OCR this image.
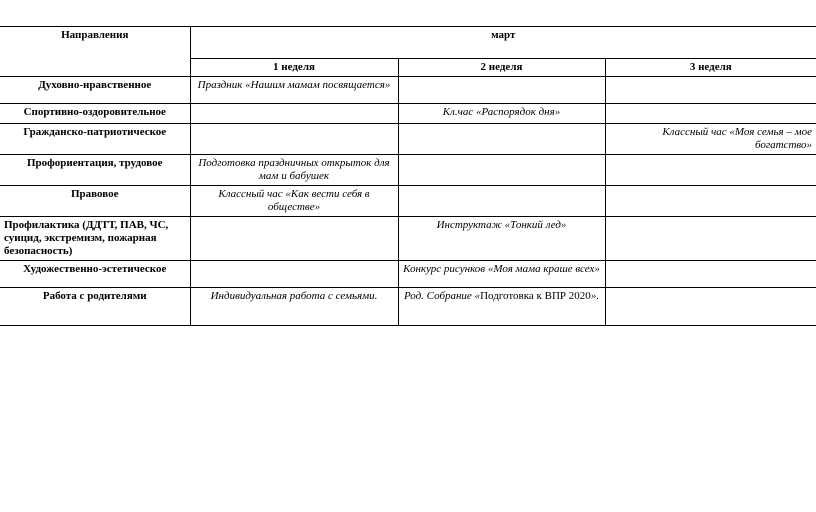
Направления	март		
	1 неделя	2 неделя	3 неделя
Духовно-нравственное	Праздник «Нашим мамам посвящается»		
Спортивно-оздоровительное		Кл.час «Распорядок дня»	
Гражданско-патриотическое			Классный час «Моя семья – мое богатство»
Профориентация, трудовое	Подготовка праздничных открыток для мам и бабушек		
Правовое	Классный час «Как вести себя в обществе»		
Профилактика (ДДТТ, ПАВ, ЧС, суицид, экстремизм, пожарная безопасность)		Инструктаж «Тонкий лед»	
Художественно-эстетическое		Конкурс рисунков «Моя мама краше всех»	
Работа с родителями	Индивидуальная работа с семьями.	Род. Собрание «Подготовка к ВПР 2020».	
